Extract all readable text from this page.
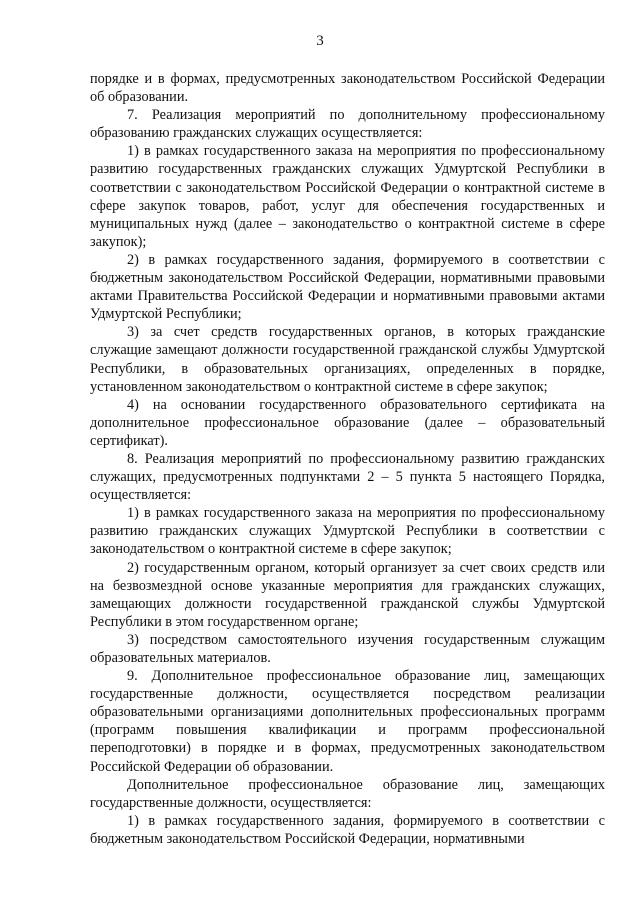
3

порядке и в формах, предусмотренных законодательством Российской Федерации об образовании.

7. Реализация мероприятий по дополнительному профессиональному образованию гражданских служащих осуществляется:

1) в рамках государственного заказа на мероприятия по профессиональному развитию государственных гражданских служащих Удмуртской Республики в соответствии с законодательством Российской Федерации о контрактной системе в сфере закупок товаров, работ, услуг для обеспечения государственных и муниципальных нужд (далее – законодательство о контрактной системе в сфере закупок);

2) в рамках государственного задания, формируемого в соответствии с бюджетным законодательством Российской Федерации, нормативными правовыми актами Правительства Российской Федерации и нормативными правовыми актами Удмуртской Республики;

3) за счет средств государственных органов, в которых гражданские служащие замещают должности государственной гражданской службы Удмуртской Республики, в образовательных организациях, определенных в порядке, установленном законодательством о контрактной системе в сфере закупок;

4) на основании государственного образовательного сертификата на дополнительное профессиональное образование (далее – образовательный сертификат).

8. Реализация мероприятий по профессиональному развитию гражданских служащих, предусмотренных подпунктами 2 – 5 пункта 5 настоящего Порядка, осуществляется:

1) в рамках государственного заказа на мероприятия по профессиональному развитию гражданских служащих Удмуртской Республики в соответствии с законодательством о контрактной системе в сфере закупок;

2) государственным органом, который организует за счет своих средств или на безвозмездной основе указанные мероприятия для гражданских служащих, замещающих должности государственной гражданской службы Удмуртской Республики в этом государственном органе;

3) посредством самостоятельного изучения государственным служащим образовательных материалов.

9. Дополнительное профессиональное образование лиц, замещающих государственные должности, осуществляется посредством реализации образовательными организациями дополнительных профессиональных программ (программ повышения квалификации и программ профессиональной переподготовки) в порядке и в формах, предусмотренных законодательством Российской Федерации об образовании.

Дополнительное профессиональное образование лиц, замещающих государственные должности, осуществляется:

1) в рамках государственного задания, формируемого в соответствии с бюджетным законодательством Российской Федерации, нормативными
